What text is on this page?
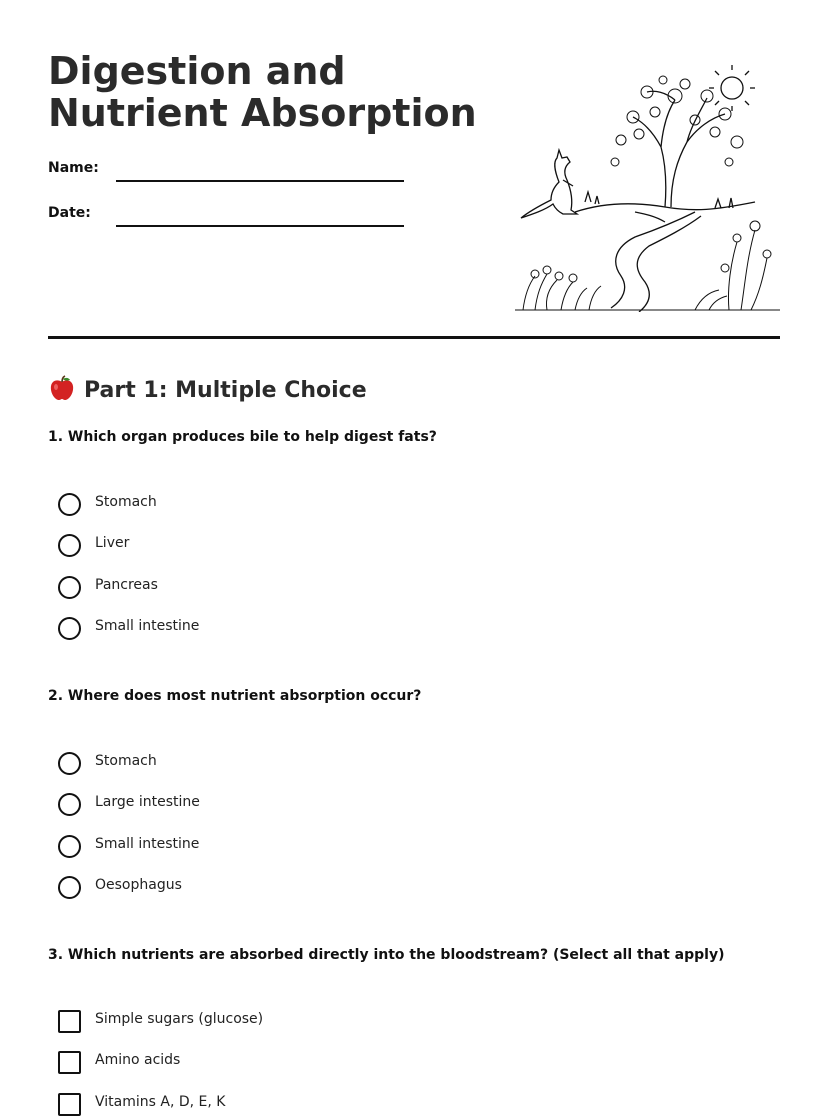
Digestion and Nutrient Absorption
Name:
Date:
Part 1: Multiple Choice
1. Which organ produces bile to help digest fats?
Stomach
Liver
Pancreas
Small intestine
2. Where does most nutrient absorption occur?
Stomach
Large intestine
Small intestine
Oesophagus
3. Which nutrients are absorbed directly into the bloodstream? (Select all that apply)
Simple sugars (glucose)
Amino acids
Vitamins A, D, E, K
